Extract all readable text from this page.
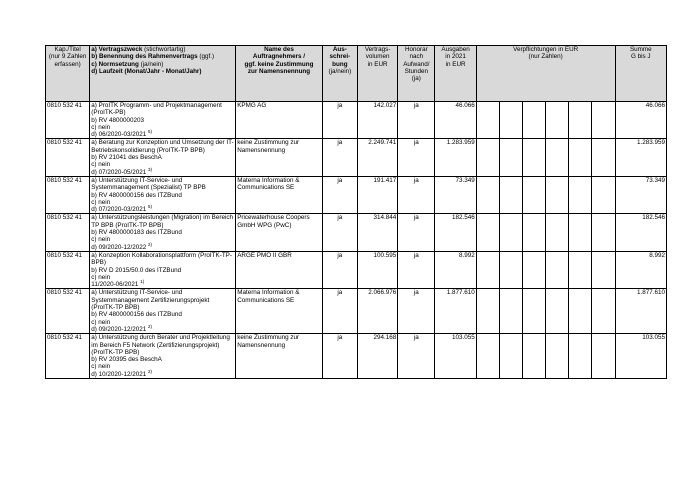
Kap./Titel
(nur 9 Zahlen
erfassen)	a) Vertragszweck (stichwortartig)
b) Benennung des Rahmenvertrags (ggf.)
c) Normsetzung (ja/nein)
d) Laufzeit (Monat/Jahr - Monat/Jahr)	Name des
Auftragnehmers /
ggf. keine Zustimmung
zur Namensnennung	Aus-
schrei-
bung
(ja/nein)	Vertrags-
volumen
in EUR	Honorar
nach
Aufwand/
Stunden
(ja)	Ausgaben
in 2021
in EUR	Verpflichtungen in EUR
(nur Zahlen)						Summe
G bis J

0810 532 41	a) ProITK Programm- und Projektmanagement (ProITK-PB)
b) RV 4800000203
c) nein
d) 06/2020-03/2021 $^{5)}$	KPMG AG	ja	142.027	ja	46.066							46.066
0810 532 41	a) Beratung zur Konzeption und Umsetzung der IT-Betriebskonsolidierung (ProITK-TP BPB)
b) RV 21041 des BeschA
c) nein
d) 07/2020-05/2021 $^{3)}$	keine Zustimmung zur Namensnennung	ja	2.249.741	ja	1.283.959							1.283.959
0810 532 41	a) Unterstützung IT-Service- und Systemmanagement (Spezialist) TP BPB
b) RV 4800000156 des ITZBund
c) nein
d) 07/2020-03/2021 $^{5)}$	Materna Information & Communications SE	ja	191.417	ja	73.349							73.349
0810 532 41	a) Unterstützungsleistungen (Migration) im Bereich TP BPB (ProITK-TP BPB)
b) RV 4800000183 des ITZBund
c) nein
d) 09/2020-12/2022 $^{2)}$	Pricewaterhouse Coopers GmbH WPG (PwC)	ja	314.844	ja	182.546							182.546
0810 532 41	a) Konzeption Kollaborationsplattform (ProITK-TP-BPB)
b) RV D 2015/50.0 des ITZBund
c) nein
11/2020-06/2021 $^{1)}$	ARGE PMO II GBR	ja	100.595	ja	8.992							8.992
0810 532 41	a) Unterstützung IT-Service- und Systemmanagement Zertifizierungsprojekt (ProITK-TP BPB)
b) RV 4800000156 des ITZBund
c) nein
d) 09/2020-12/2021 $^{2)}$	Materna Information & Communications SE	ja	2.066.976	ja	1.877.610							1.877.610
0810 532 41	a) Unterstützung durch Berater und Projektleitung im Bereich F5 Network (Zertifizierungsprojekt) (ProITK-TP BPB)
b) RV 20395 des BeschA
c) nein
d) 10/2020-12/2021 $^{2)}$	keine Zustimmung zur Namensnennung	ja	294.168	ja	103.055							103.055
